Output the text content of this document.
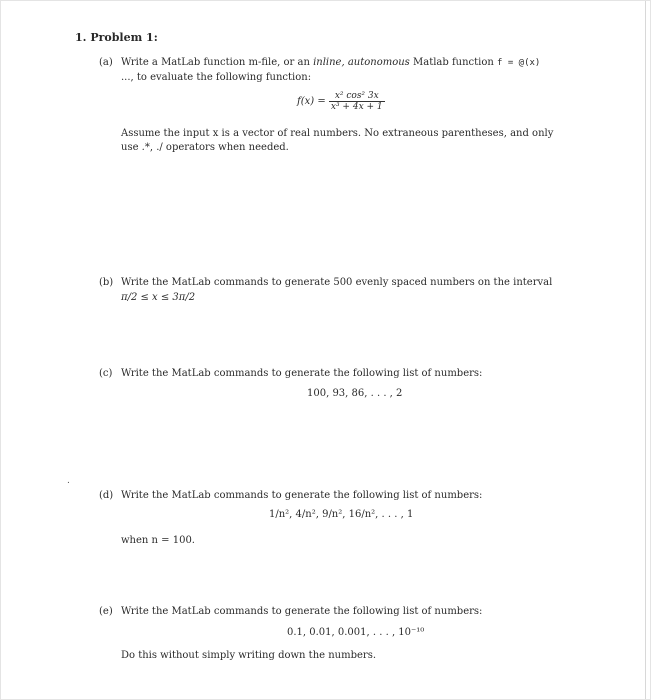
1. Problem 1:
(a) Write a MatLab function m-file, or an inline, autonomous Matlab function f = @(x)
..., to evaluate the following function:
$f(x) = \frac{\text{x² cos² 3x}}{\text{x³ + 4x + 1}}$
Assume the input x is a vector of real numbers. No extraneous parentheses, and only
use .*, ./ operators when needed.
(b) Write the MatLab commands to generate 500 evenly spaced numbers on the interval
π/2 ≤ x ≤ 3π/2
(c) Write the MatLab commands to generate the following list of numbers:
100, 93, 86, . . . , 2
.
(d) Write the MatLab commands to generate the following list of numbers:
1/n², 4/n², 9/n², 16/n², . . . , 1
when n = 100.
(e) Write the MatLab commands to generate the following list of numbers:
0.1, 0.01, 0.001, . . . , 10⁻¹⁰
Do this without simply writing down the numbers.
